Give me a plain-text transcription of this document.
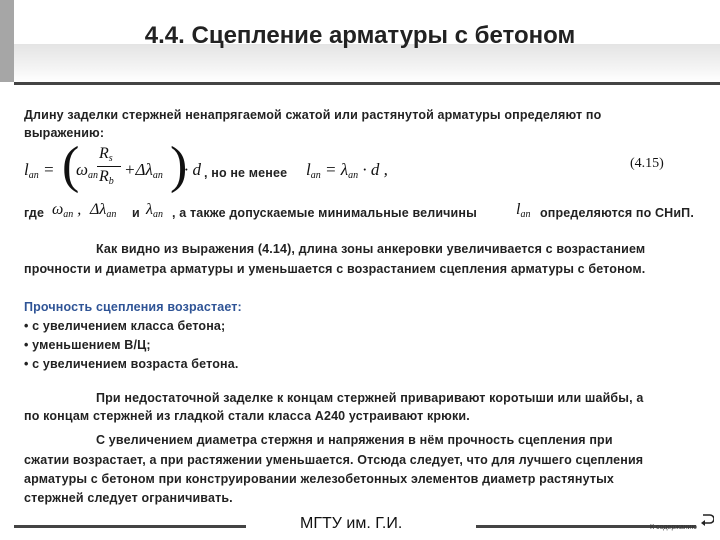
4.4. Сцепление арматуры с бетоном
Длину заделки стержней ненапрягаемой сжатой или растянутой арматуры определяют по
выражению:
$l_{an}$ = (
$\omega_{an}$
$R_s$
$R_b$
$+\Delta\lambda_{an}$ )
· d , но не менее $l_{an} = \lambda_{an} \cdot d$ ,	(4.15)
где $\omega_{an}$ , $\Delta\lambda_{an}$ и $\lambda_{an}$ , а также допускаемые минимальные величины $l_{an}$ определяются по СНиП.
Как видно из выражения (4.14), длина зоны анкеровки увеличивается с возрастанием
прочности и диаметра арматуры и уменьшается с возрастанием сцепления арматуры с бетоном.
Прочность сцепления возрастает:
• с увеличением класса бетона;
• уменьшением В/Ц;
• с увеличением возраста бетона.
При недостаточной заделке к концам стержней приваривают коротыши или шайбы, а
по концам стержней из гладкой стали класса А240 устраивают крюки.
С увеличением диаметра стержня и напряжения в нём прочность сцепления при
сжатии возрастает, а при растяжении уменьшается. Отсюда следует, что для лучшего сцепления
арматуры с бетоном при конструировании железобетонных элементов диаметр растянутых
стержней следует ограничивать.
МГТУ им. Г.И.	К содержанию
